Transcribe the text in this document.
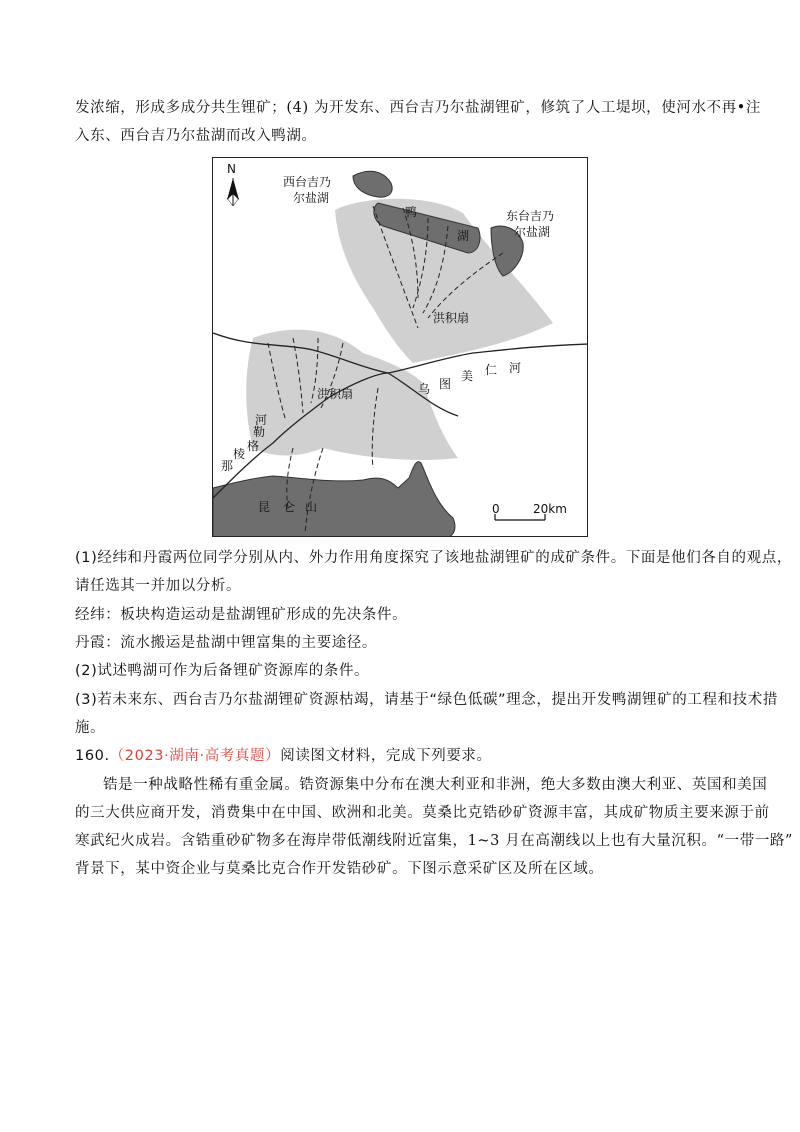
发浓缩，形成多成分共生锂矿；(4) 为开发东、西台吉乃尔盐湖锂矿，修筑了人工堤坝，使河水不再•注
入东、西台吉乃尔盐湖而改入鸭湖。
N
西台吉乃
尔盐湖
东台吉乃
尔盐湖
鸭
湖
洪积扇
洪积扇	乌 图
美 仁 河
那
棱
格
勒
河
昆 仑 山	0	20km
(1)经纬和丹霞两位同学分别从内、外力作用角度探究了该地盐湖锂矿的成矿条件。下面是他们各自的观点，
请任选其一并加以分析。
经纬：板块构造运动是盐湖锂矿形成的先决条件。
丹霞：流水搬运是盐湖中锂富集的主要途径。
(2)试述鸭湖可作为后备锂矿资源库的条件。
(3)若未来东、西台吉乃尔盐湖锂矿资源枯竭，请基于“绿色低碳”理念，提出开发鸭湖锂矿的工程和技术措
施。
160.（2023·湖南·高考真题）阅读图文材料，完成下列要求。
锆是一种战略性稀有重金属。锆资源集中分布在澳大利亚和非洲，绝大多数由澳大利亚、英国和美国
的三大供应商开发，消费集中在中国、欧洲和北美。莫桑比克锆砂矿资源丰富，其成矿物质主要来源于前
寒武纪火成岩。含锆重砂矿物多在海岸带低潮线附近富集，1~3 月在高潮线以上也有大量沉积。“一带一路”
背景下，某中资企业与莫桑比克合作开发锆砂矿。下图示意采矿区及所在区域。
